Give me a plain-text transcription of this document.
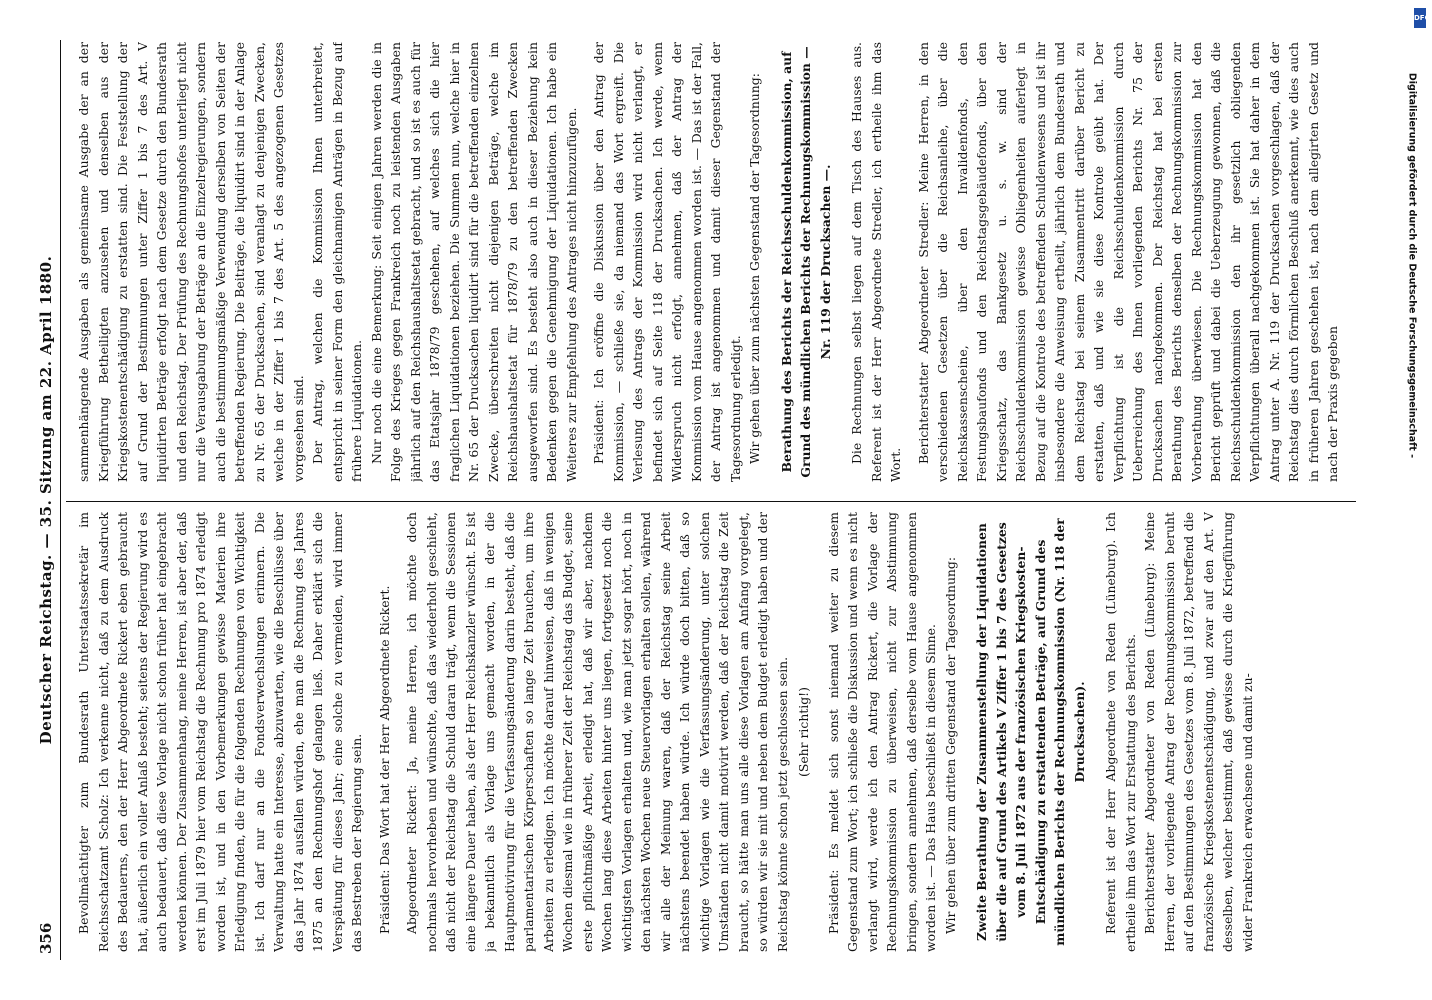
356
Deutscher Reichstag. — 35. Sitzung am 22. April 1880. Bevollmächtigter zum Bundesrath Unterstaatssekretär im Reichsschatzamt Scholz: Ich verkenne nicht, daß zu dem Ausdruck des Bedauerns, den der Herr Abgeordnete Rickert eben gebraucht hat, äußerlich ein voller Anlaß besteht; seitens der Regierung wird es auch bedauert, daß diese Vorlage nicht schon früher hat eingebracht werden können. Der Zusammenhang, meine Herren, ist aber der, daß erst im Juli 1879 hier vom Reichstag die Rechnung pro 1874 erledigt worden ist, und in den Vorbemerkungen gewisse Materien ihre Erledigung finden, die für die folgenden Rechnungen von Wichtigkeit ist. Ich darf nur an die Fondsverwechslungen erinnern. Die Verwaltung hatte ein Interesse, abzuwarten, wie die Beschlüsse über das Jahr 1874 ausfallen würden, ehe man die Rechnung des Jahres 1875 an den Rechnungshof gelangen ließ. Daher erklärt sich die Verspätung für dieses Jahr; eine solche zu vermeiden, wird immer das Bestreben der Regierung sein. Präsident: Das Wort hat der Herr Abgeordnete Rickert. Abgeordneter Rickert: Ja, meine Herren, ich möchte doch nochmals hervorheben und wünschte, daß das wiederholt geschieht, daß nicht der Reichstag die Schuld daran trägt, wenn die Sessionen eine längere Dauer haben, als der Herr Reichskanzler wünscht. Es ist ja bekanntlich als Vorlage uns gemacht worden, in der die Hauptmotivirung für die Verfassungsänderung darin besteht, daß die parlamentarischen Körperschaften so lange Zeit brauchen, um ihre Arbeiten zu erledigen. Ich möchte darauf hinweisen, daß in wenigen Wochen diesmal wie in früherer Zeit der Reichstag das Budget, seine erste pflichtmäßige Arbeit, erledigt hat, daß wir aber, nachdem Wochen lang diese Arbeiten hinter uns liegen, fortgesetzt noch die wichtigsten Vorlagen erhalten und, wie man jetzt sogar hört, noch in den nächsten Wochen neue Steuervorlagen erhalten sollen, während wir alle der Meinung waren, daß der Reichstag seine Arbeit nächstens beendet haben würde. Ich würde doch bitten, daß so wichtige Vorlagen wie die Verfassungsänderung, unter solchen Umständen nicht damit motivirt werden, daß der Reichstag die Zeit braucht, so hätte man uns alle diese Vorlagen am Anfang vorgelegt, so würden wir sie mit und neben dem Budget erledigt haben und der Reichstag könnte schon jetzt geschlossen sein. (Sehr richtig!) Präsident: Es meldet sich sonst niemand weiter zu diesem Gegenstand zum Wort; ich schließe die Diskussion und wenn es nicht verlangt wird, werde ich den Antrag Rickert, die Vorlage der Rechnungskommission zu überweisen, nicht zur Abstimmung bringen, sondern annehmen, daß derselbe vom Hause angenommen worden ist. — Das Haus beschließt in diesem Sinne. Wir gehen über zum dritten Gegenstand der Tagesordnung: Zweite Berathung der Zusammenstellung der Liquidationen über die auf Grund des Artikels V Ziffer 1 bis 7 des Gesetzes vom 8. Juli 1872 aus der französischen Kriegskosten-Entschädigung zu erstattenden Beträge, auf Grund des mündlichen Berichts der Rechnungskommission (Nr. 118 der Drucksachen). Referent ist der Herr Abgeordnete von Reden (Lüneburg). Ich ertheile ihm das Wort zur Erstattung des Berichts. Berichterstatter Abgeordneter von Reden (Lüneburg): Meine Herren, der vorliegende Antrag der Rechnungskommission beruht auf den Bestimmungen des Gesetzes vom 8. Juli 1872, betreffend die französische Kriegskostenentschädigung, und zwar auf den Art. V desselben, welcher bestimmt, daß gewisse durch die Kriegführung wider Frankreich erwachsene und damit zu-

sammenhängende Ausgaben als gemeinsame Ausgabe der an der Kriegführung Betheiligten anzusehen und denselben aus der Kriegskostenentschädigung zu erstatten sind. Die Feststellung der auf Grund der Bestimmungen unter Ziffer 1 bis 7 des Art. V liquidirten Beträge erfolgt nach dem Gesetze durch den Bundesrath und den Reichstag. Der Prüfung des Rechnungshofes unterliegt nicht nur die Verausgabung der Beträge an die Einzelregierungen, sondern auch die bestimmungsmäßige Verwendung derselben von Seiten der betreffenden Regierung. Die Beiträge, die liquidirt sind in der Anlage zu Nr. 65 der Drucksachen, sind veranlagt zu denjenigen Zwecken, welche in der Ziffer 1 bis 7 des Art. 5 des angezogenen Gesetzes vorgesehen sind. Der Antrag, welchen die Kommission Ihnen unterbreitet, entspricht in seiner Form den gleichnamigen Anträgen in Bezug auf frühere Liquidationen. Nur noch die eine Bemerkung: Seit einigen Jahren werden die in Folge des Krieges gegen Frankreich noch zu leistenden Ausgaben jährlich auf den Reichshaushaltsetat gebracht, und so ist es auch für das Etatsjahr 1878/79 geschehen, auf welches sich die hier fraglichen Liquidationen beziehen. Die Summen nun, welche hier in Nr. 65 der Drucksachen liquidirt sind für die betreffenden einzelnen Zwecke, überschreiten nicht diejenigen Beträge, welche im Reichshaushaltsetat für 1878/79 zu den betreffenden Zwecken ausgeworfen sind. Es besteht also auch in dieser Beziehung kein Bedenken gegen die Genehmigung der Liquidationen. Ich habe ein Weiteres zur Empfehlung des Antrages nicht hinzuzufügen. Präsident: Ich eröffne die Diskussion über den Antrag der Kommission, — schließe sie, da niemand das Wort ergreift. Die Verlesung des Antrags der Kommission wird nicht verlangt, er befindet sich auf Seite 118 der Drucksachen. Ich werde, wenn Widerspruch nicht erfolgt, annehmen, daß der Antrag der Kommission vom Hause angenommen worden ist. — Das ist der Fall, der Antrag ist angenommen und damit dieser Gegenstand der Tagesordnung erledigt. Wir gehen über zum nächsten Gegenstand der Tagesordnung: Berathung des Berichts der Reichsschuldenkommission, auf Grund des mündlichen Berichts der Rechnungskommission — Nr. 119 der Drucksachen —. Die Rechnungen selbst liegen auf dem Tisch des Hauses aus. Referent ist der Herr Abgeordnete Stredler, ich ertheile ihm das Wort.

Berichterstatter Abgeordneter Stredler: Meine Herren, in den verschiedenen Gesetzen über die Reichsanleihe, über die Reichskassenscheine, über den Invalidenfonds, den Festungsbaufonds und den Reichstagsgebäudefonds, über den Kriegsschatz, das Bankgesetz u. s. w. sind der Reichsschuldenkommission gewisse Obliegenheiten auferlegt in Bezug auf die Kontrole des betreffenden Schuldenwesens und ist ihr insbesondere die Anweisung ertheilt, jährlich dem Bundesrath und dem Reichstag bei seinem Zusammentritt darüber Bericht zu erstatten, daß und wie sie diese Kontrole geübt hat. Der Verpflichtung ist die Reichsschuldenkommission durch Ueberreichung des Ihnen vorliegenden Berichts Nr. 75 der Drucksachen nachgekommen. Der Reichstag hat bei ersten Berathung des Berichts denselben der Rechnungskommission zur Vorberathung überwiesen. Die Rechnungskommission hat den Bericht geprüft und dabei die Ueberzeugung gewonnen, daß die Reichsschuldenkommission den ihr gesetzlich obliegenden Verpflichtungen überall nachgekommen ist. Sie hat daher in dem Antrag unter A. Nr. 119 der Drucksachen vorgeschlagen, daß der Reichstag dies durch förmlichen Beschluß anerkennt, wie dies auch in früheren Jahren geschehen ist, nach dem allegirten Gesetz und nach der Praxis gegeben

DFG
Digitalisierung gefördert durch die Deutsche Forschungsgemeinschaft -
